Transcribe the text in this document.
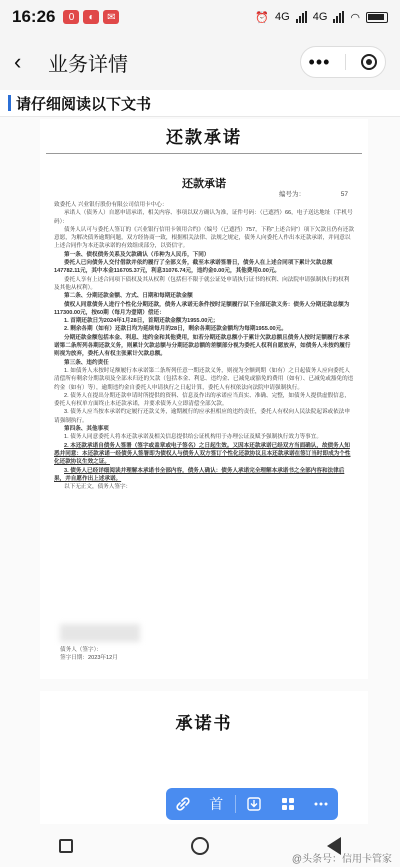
16:26	0	◐	✉	⏰ 4G 4G ◠
‹	业务详情	•••
请仔细阅读以下文书
还款承诺
还款承诺
编号为：　　　　　　	57

致委托人 兴业银行股份有限公司信用卡中心：

承诺人（债务人）自愿申请承诺，相关内容、事项以双方确认为准，证件号码：（已遮挡）66，电子送达地址（手机号码）：

债务人认可与委托人签订的《兴业银行信用卡领用合约》（编号（已遮挡）757，下称“上述合同”）项下欠款且仍有还款意愿，为解决债务逾期问题，双方经协商一致，根据相关法律、法规之规定，债务人向委托人作出本还款承诺，并同意以上述合同作为本还款承诺的有效组成部分，以资信守。

第一条、债权债务关系及欠款确认（币种为人民币，下同）

委托人已向债务人交付借款并依约履行了全部义务，截至本承诺签署日，债务人在上述合同项下累计欠款总额147782.11元，其中本金116705.37元，利息31076.74元，违约金0.00元，其他费用0.00元。

委托人享有上述合同项下债权及其从权利（包括但不限于就公证处申请执行证书的权利、向法院申请强制执行的权利及其他从权利）。

第二条、分期还款金额、方式、日期和每期还款金额

债权人同意债务人进行个性化分期还款，债务人承诺无条件按时足额履行以下全部还款义务：债务人分期还款总额为117300.00元，按60期（每月为壹期）偿还：

1. 首期还款日为2024年1月28日，首期还款金额为1955.00元；

2. 剩余各期（如有）还款日均为延续每月的28日，剩余各期还款金额均为每期1955.00元。

分期还款金额包括本金、利息、违约金和其他费用，如若分期还款总额小于累计欠款总额且债务人按时足额履行本承诺第二条所列各期还款义务，则累计欠款总额与分期还款总额的差额部分视为委托人权利自愿放弃，如债务人未按约履行则视为放弃，委托人有权主张累计欠款总额。

第三条、违约责任

1. 如债务人未按时足额履行本承诺第二条所列任意一期还款义务，则视为全额到期（如有）之日起债务人应向委托人清偿所有剩余分期款项及全部未归还的欠款（包括本金、利息、违约金、已减免或豁免的费用（如有）、已减免或豁免的违约金（如有）等），逾期违约金自委托人申请执行之日起计算，委托人有权依法向法院申请强制执行。

2. 债务人在提出分期还款申请时所提供的资料、信息及作出的承诺应当真实、准确、完整，如债务人提供虚假信息，委托人有权单方面终止本还款承诺，并要求债务人立即清偿全部欠款。

3. 债务人应当按本承诺约定履行还款义务，逾期履行的应承担相应的违约责任，委托人有权向人民法院起诉或依法申请强制执行。

第四条、其他事项

1. 债务人同意委托人将本还款承诺及相关信息提供给公证机构用于办理公证及赋予强制执行效力等事宜。

2. 本还款承诺自债务人签署（签字或盖章或电子签名）之日起生效。又因本还款承诺已经双方当面确认，故债务人知悉并同意：本还款承诺一经债务人签署即为债权人与债务人双方签订个性化还款协议且本还款承诺在签订当时即成为个性化还款协议生效之证。

3. 债务人已经详细阅读并理解本承诺书全部内容，债务人确认：债务人承诺完全理解本承诺书之全部内容和法律后果，并自愿作出上述承诺。

以下无正文，债务人签字：

债务人（签字）：
签字日期：2023年12月
承诺书
首
@头条号：信用卡管家
